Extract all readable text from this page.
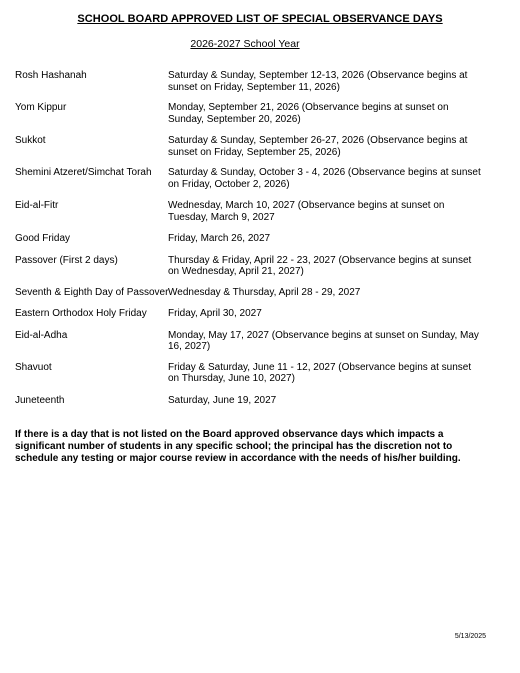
SCHOOL BOARD APPROVED LIST OF SPECIAL OBSERVANCE DAYS
2026-2027 School Year
Rosh Hashanah	Saturday & Sunday, September 12-13, 2026 (Observance begins at sunset on Friday, September 11, 2026)
Yom Kippur	Monday, September 21, 2026 (Observance begins at sunset on Sunday, September 20, 2026)
Sukkot	Saturday & Sunday, September 26-27, 2026 (Observance begins at sunset on Friday, September 25, 2026)
Shemini Atzeret/Simchat Torah	Saturday & Sunday, October 3 - 4, 2026 (Observance begins at sunset on Friday, October 2, 2026)
Eid-al-Fitr	Wednesday, March 10, 2027 (Observance begins at sunset on Tuesday, March 9, 2027
Good Friday	Friday, March 26, 2027
Passover (First 2 days)	Thursday & Friday, April 22 - 23, 2027 (Observance begins at sunset on Wednesday, April 21, 2027)
Seventh & Eighth Day of Passover Wednesday & Thursday, April 28 - 29, 2027
Eastern Orthodox Holy Friday	Friday, April 30, 2027
Eid-al-Adha	Monday, May 17, 2027 (Observance begins at sunset on Sunday, May 16, 2027)
Shavuot	Friday & Saturday, June 11 - 12, 2027 (Observance begins at sunset on Thursday, June 10, 2027)
Juneteenth	Saturday, June 19, 2027
If there is a day that is not listed on the Board approved observance days which impacts a significant number of students in any specific school; the principal has the discretion not to schedule any testing or major course review in accordance with the needs of his/her building.
5/13/2025
